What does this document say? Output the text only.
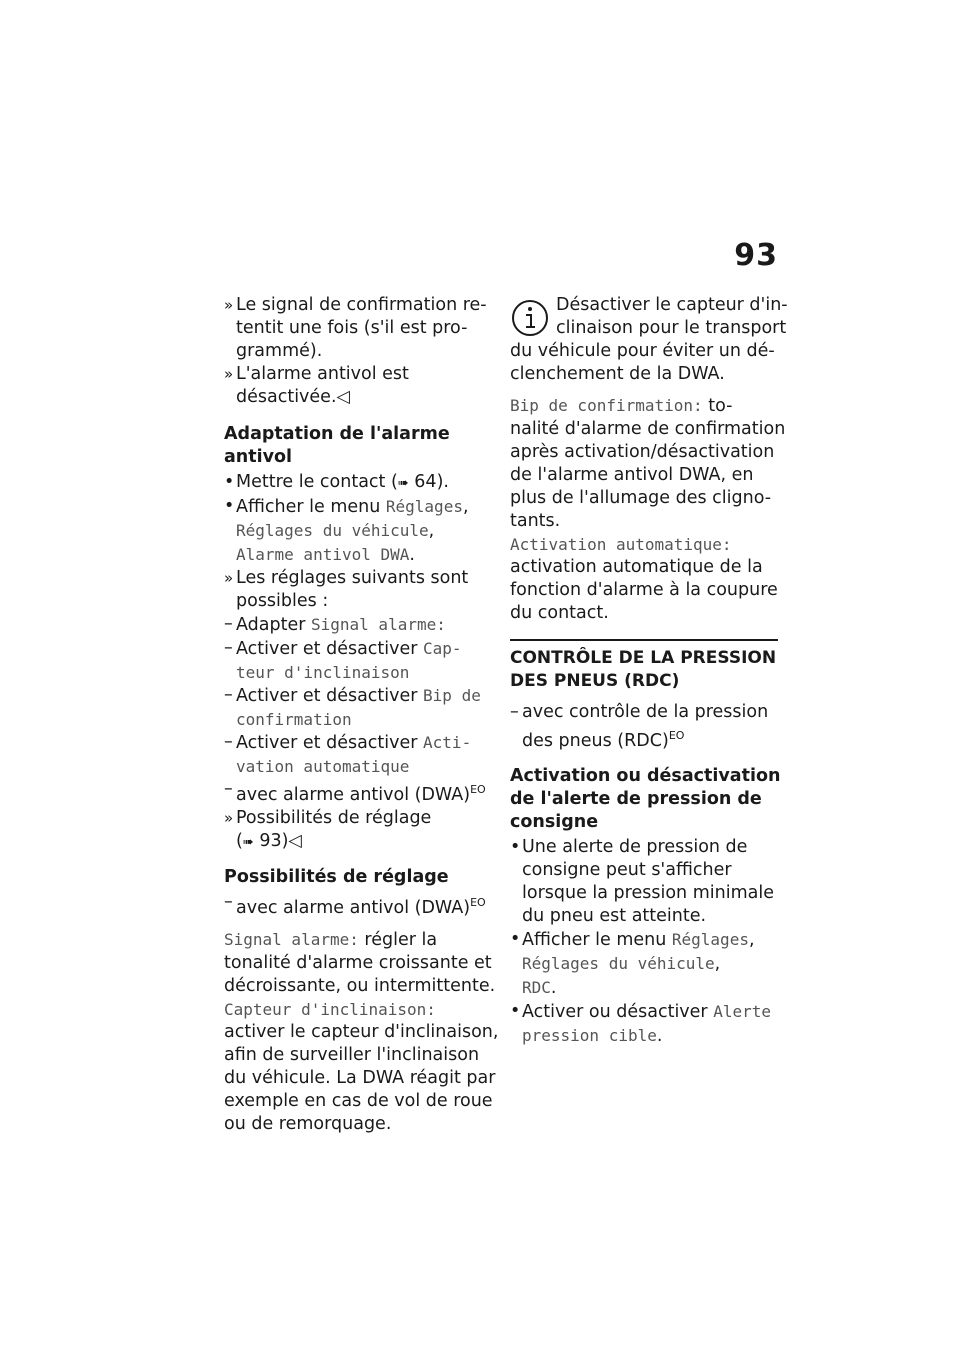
93
» Le signal de confirmation re-
tentit une fois (s'il est pro-
grammé).
» L'alarme antivol est
désactivée.◁
Adaptation de l'alarme antivol
• Mettre le contact (➠ 64).
• Afficher le menu Réglages,
Réglages du véhicule,
Alarme antivol DWA.
» Les réglages suivants sont
possibles :
– Adapter Signal alarme:
– Activer et désactiver Cap-
teur d'inclinaison
– Activer et désactiver Bip de
confirmation
– Activer et désactiver Acti-
vation automatique
– avec alarme antivol (DWA)$^{EO}$
» Possibilités de réglage
(➠ 93)◁
Possibilités de réglage
– avec alarme antivol (DWA)$^{EO}$
Signal alarme: régler la
tonalité d'alarme croissante et
décroissante, ou intermittente.
Capteur d'inclinaison:
activer le capteur d'inclinaison,
afin de surveiller l'inclinaison
du véhicule. La DWA réagit par
exemple en cas de vol de roue
ou de remorquage.
Désactiver le capteur d'in-
clinaison pour le transport
du véhicule pour éviter un dé-
clenchement de la DWA.
Bip de confirmation: to-
nalité d'alarme de confirmation
après activation/désactivation
de l'alarme antivol DWA, en
plus de l'allumage des cligno-
tants.
Activation automatique:
activation automatique de la
fonction d'alarme à la coupure
du contact.
CONTRÔLE DE LA PRESSION
DES PNEUS (RDC)
– avec contrôle de la pression
des pneus (RDC)$^{EO}$
Activation ou désactivation
de l'alerte de pression de
consigne
• Une alerte de pression de
consigne peut s'afficher
lorsque la pression minimale
du pneu est atteinte.
• Afficher le menu Réglages,
Réglages du véhicule,
RDC.
• Activer ou désactiver Alerte
pression cible.
